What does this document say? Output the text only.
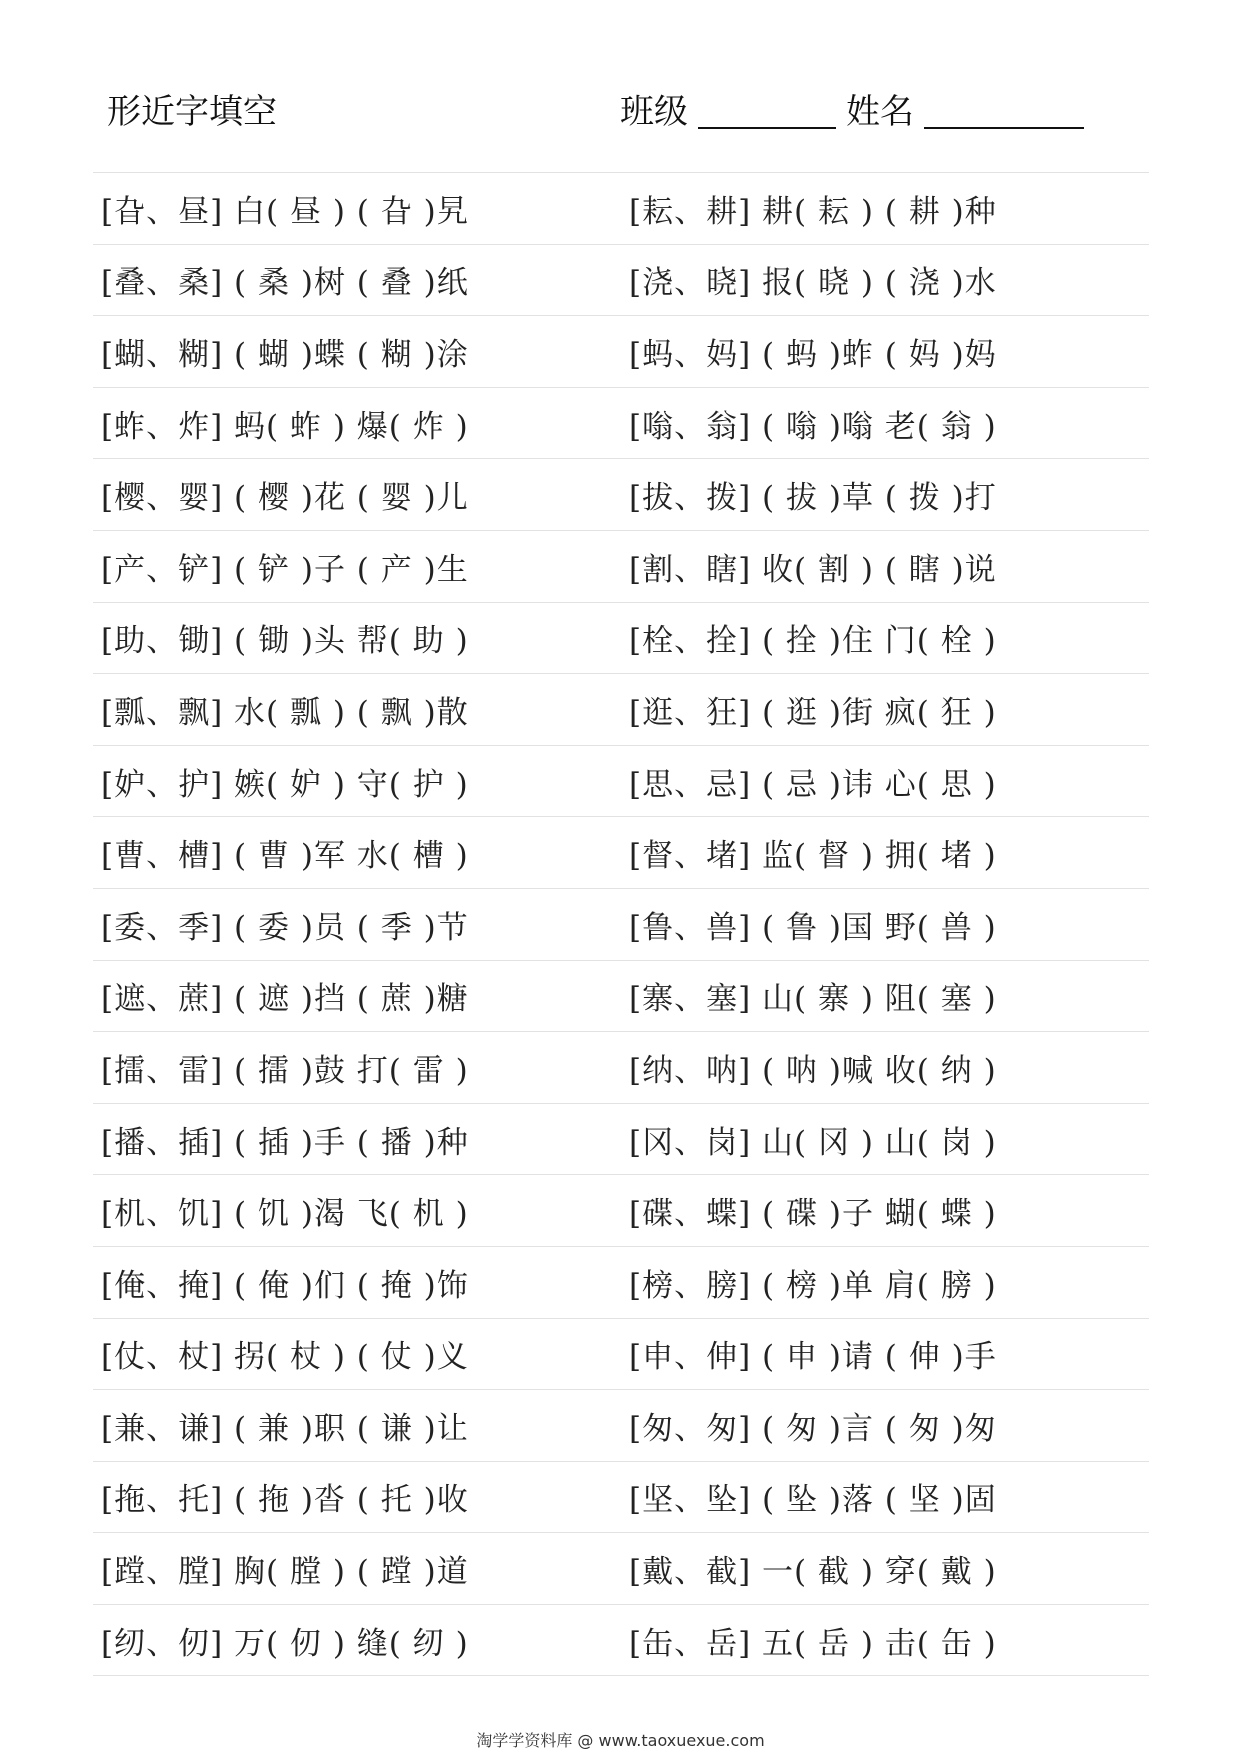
形近字填空	班级	姓名
[旮、昼] 白( 昼 ) ( 旮 )旯	[耘、耕] 耕( 耘 ) ( 耕 )种
[叠、桑] ( 桑 )树 ( 叠 )纸	[浇、晓] 报( 晓 ) ( 浇 )水
[蝴、糊] ( 蝴 )蝶 ( 糊 )涂	[蚂、妈] ( 蚂 )蚱 ( 妈 )妈
[蚱、炸] 蚂( 蚱 ) 爆( 炸 )	[嗡、翁] ( 嗡 )嗡 老( 翁 )
[樱、婴] ( 樱 )花 ( 婴 )儿	[拔、拨] ( 拔 )草 ( 拨 )打
[产、铲] ( 铲 )子 ( 产 )生	[割、瞎] 收( 割 ) ( 瞎 )说
[助、锄] ( 锄 )头 帮( 助 )	[栓、拴] ( 拴 )住 门( 栓 )
[瓢、飘] 水( 瓢 ) ( 飘 )散	[逛、狂] ( 逛 )街 疯( 狂 )
[妒、护] 嫉( 妒 ) 守( 护 )	[思、忌] ( 忌 )讳 心( 思 )
[曹、槽] ( 曹 )军 水( 槽 )	[督、堵] 监( 督 ) 拥( 堵 )
[委、季] ( 委 )员 ( 季 )节	[鲁、兽] ( 鲁 )国 野( 兽 )
[遮、蔗] ( 遮 )挡 ( 蔗 )糖	[寨、塞] 山( 寨 ) 阻( 塞 )
[擂、雷] ( 擂 )鼓 打( 雷 )	[纳、呐] ( 呐 )喊 收( 纳 )
[播、插] ( 插 )手 ( 播 )种	[冈、岗] 山( 冈 ) 山( 岗 )
[机、饥] ( 饥 )渴 飞( 机 )	[碟、蝶] ( 碟 )子 蝴( 蝶 )
[俺、掩] ( 俺 )们 ( 掩 )饰	[榜、膀] ( 榜 )单 肩( 膀 )
[仗、杖] 拐( 杖 ) ( 仗 )义	[申、伸] ( 申 )请 ( 伸 )手
[兼、谦] ( 兼 )职 ( 谦 )让	[匆、匆] ( 匆 )言 ( 匆 )匆
[拖、托] ( 拖 )沓 ( 托 )收	[坚、坠] ( 坠 )落 ( 坚 )固
[蹚、膛] 胸( 膛 ) ( 蹚 )道	[戴、截] 一( 截 ) 穿( 戴 )
[纫、仞] 万( 仞 ) 缝( 纫 )	[缶、岳] 五( 岳 ) 击( 缶 )
淘学学资料库 @ www.taoxuexue.com
